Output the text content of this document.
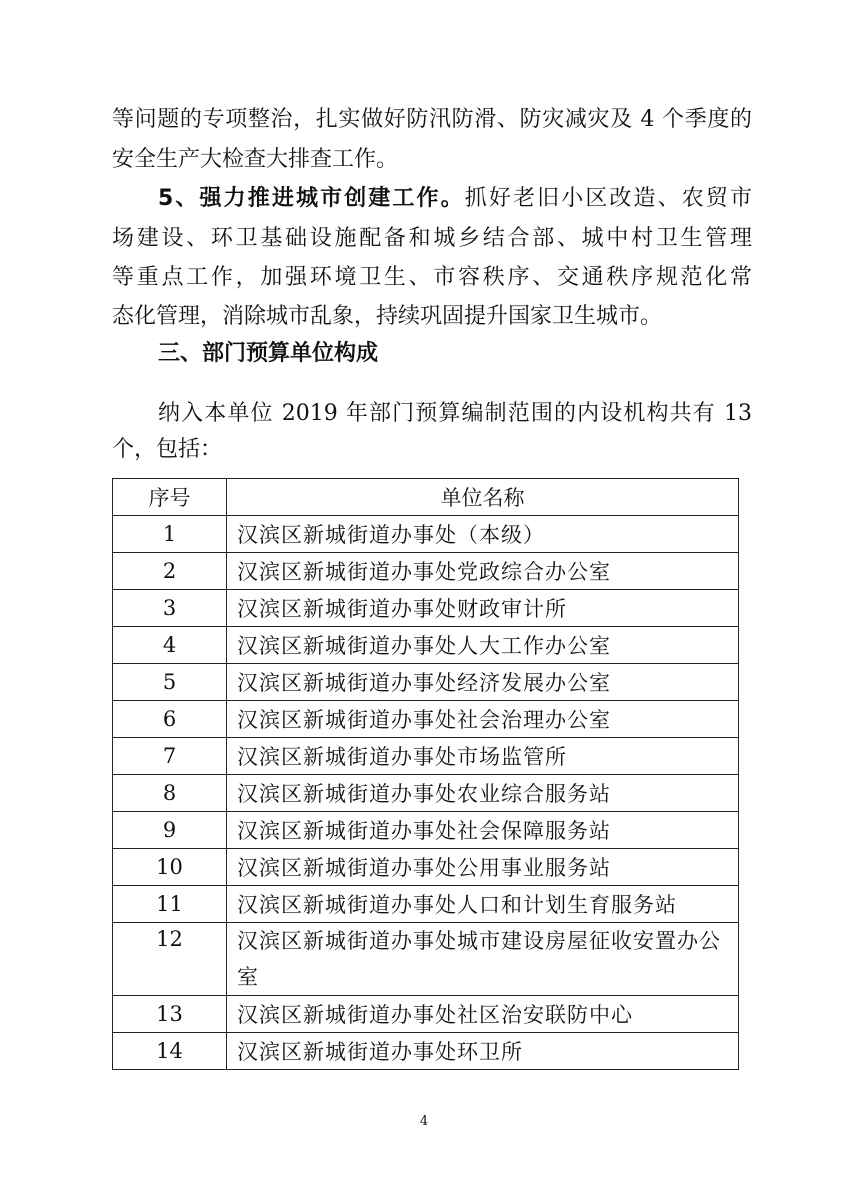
等问题的专项整治，扎实做好防汛防滑、防灾减灾及 4 个季度的
安全生产大检查大排查工作。
5、强力推进城市创建工作。抓好老旧小区改造、农贸市
场建设、环卫基础设施配备和城乡结合部、城中村卫生管理
等重点工作，加强环境卫生、市容秩序、交通秩序规范化常
态化管理，消除城市乱象，持续巩固提升国家卫生城市。
三、部门预算单位构成
纳入本单位 2019 年部门预算编制范围的内设机构共有 13
个，包括：
序号	单位名称
1	汉滨区新城街道办事处（本级）
2	汉滨区新城街道办事处党政综合办公室
3	汉滨区新城街道办事处财政审计所
4	汉滨区新城街道办事处人大工作办公室
5	汉滨区新城街道办事处经济发展办公室
6	汉滨区新城街道办事处社会治理办公室
7	汉滨区新城街道办事处市场监管所
8	汉滨区新城街道办事处农业综合服务站
9	汉滨区新城街道办事处社会保障服务站
10	汉滨区新城街道办事处公用事业服务站
11	汉滨区新城街道办事处人口和计划生育服务站
12	汉滨区新城街道办事处城市建设房屋征收安置办公室
13	汉滨区新城街道办事处社区治安联防中心
14	汉滨区新城街道办事处环卫所
4
